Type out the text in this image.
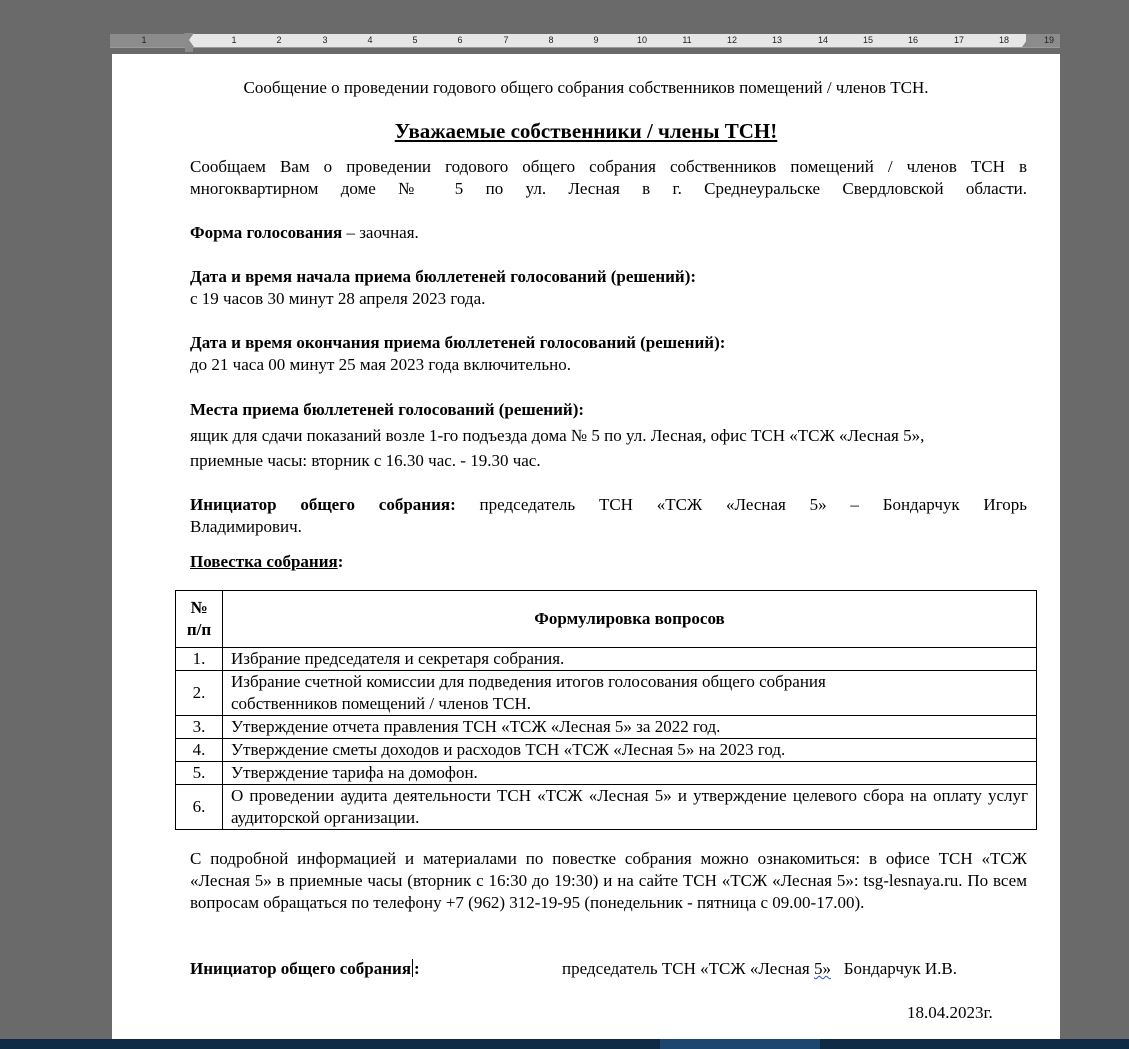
1	1	2	3	4	5	6	7	8	9	10	11	12	13	14	15	16	17	18	19
Сообщение о проведении годового общего собрания собственников помещений / членов ТСН.
Уважаемые собственники / члены ТСН!
Сообщаем Вам о проведении годового общего собрания собственников помещений / членов ТСН в многоквартирном доме № 5 по ул. Лесная в г. Среднеуральске Свердловской области.
Форма голосования – заочная.
Дата и время начала приема бюллетеней голосований (решений):
с 19 часов 30 минут 28 апреля 2023 года.
Дата и время окончания приема бюллетеней голосований (решений):
до 21 часа 00 минут 25 мая 2023 года включительно.
Места приема бюллетеней голосований (решений):
ящик для сдачи показаний возле 1-го подъезда дома № 5 по ул. Лесная, офис ТСН «ТСЖ «Лесная 5»,
приемные часы: вторник с 16.30 час. - 19.30 час.
Инициатор общего собрания: председатель ТСН «ТСЖ «Лесная 5» – Бондарчук Игорь
Владимирович.
Повестка собрания:
№ п/п	Формулировка вопросов
1.	Избрание председателя и секретаря собрания.
2.	Избрание счетной комиссии для подведения итогов голосования общего собрания собственников помещений / членов ТСН.
3.	Утверждение отчета правления ТСН «ТСЖ «Лесная 5» за 2022 год.
4.	Утверждение сметы доходов и расходов ТСН «ТСЖ «Лесная 5» на 2023 год.
5.	Утверждение тарифа на домофон.
6.	О проведении аудита деятельности ТСН «ТСЖ «Лесная 5» и утверждение целевого сбора на оплату услуг аудиторской организации.
С подробной информацией и материалами по повестке собрания можно ознакомиться: в офисе ТСН «ТСЖ «Лесная 5» в приемные часы (вторник с 16:30 до 19:30) и на сайте ТСН «ТСЖ «Лесная 5»: tsg-lesnaya.ru. По всем вопросам обращаться по телефону +7 (962) 312-19-95 (понедельник - пятница с 09.00-17.00).
Инициатор общего собрания :	председатель ТСН «ТСЖ «Лесная 5»   Бондарчук И.В.
18.04.2023г.
